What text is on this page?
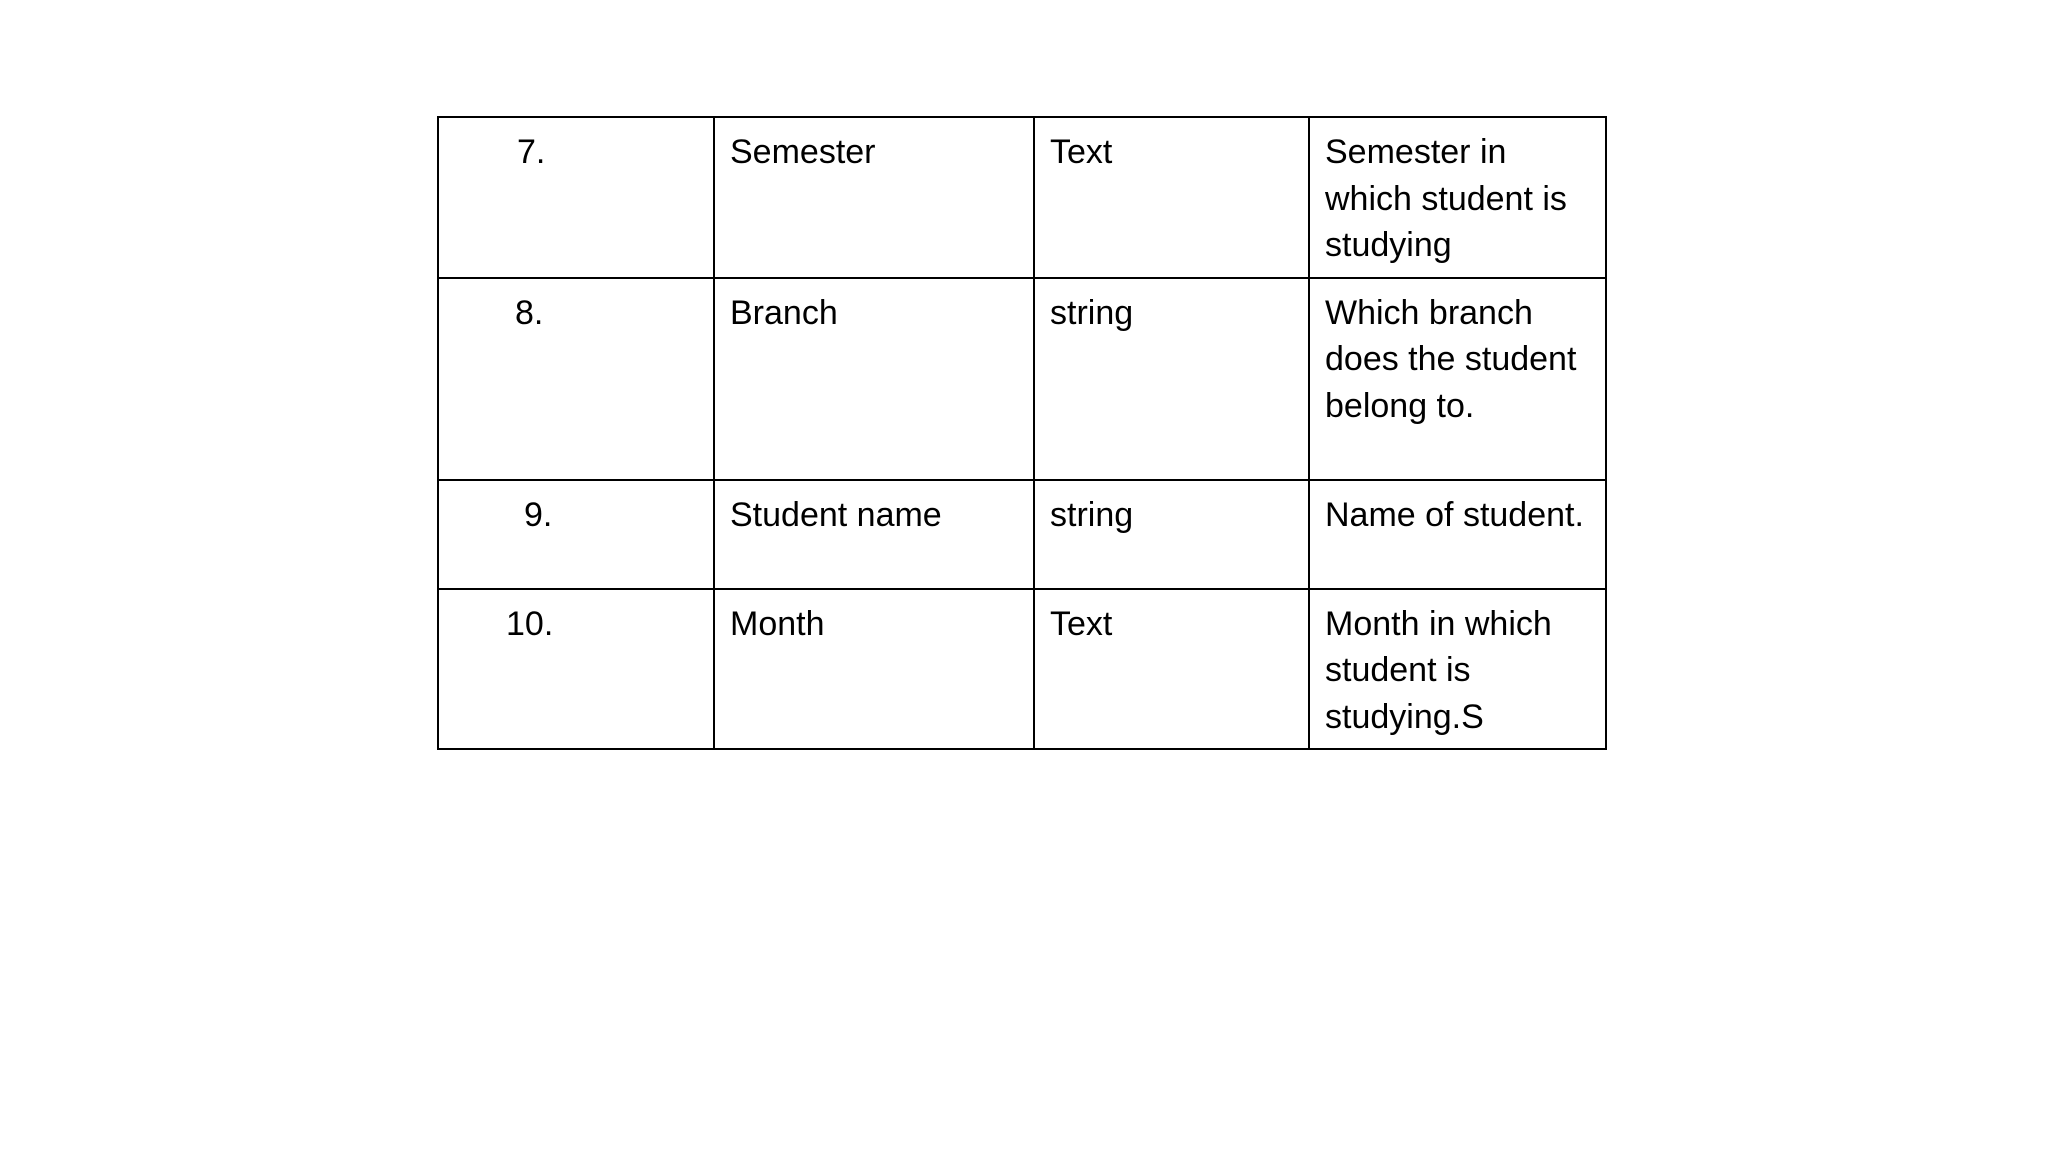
7.	Semester	Text	Semester in which student is studying

8.	Branch	string	Which branch does the student belong to.

9.	Student name	string	Name of student.

10.	Month	Text	Month in which student is studying.S
